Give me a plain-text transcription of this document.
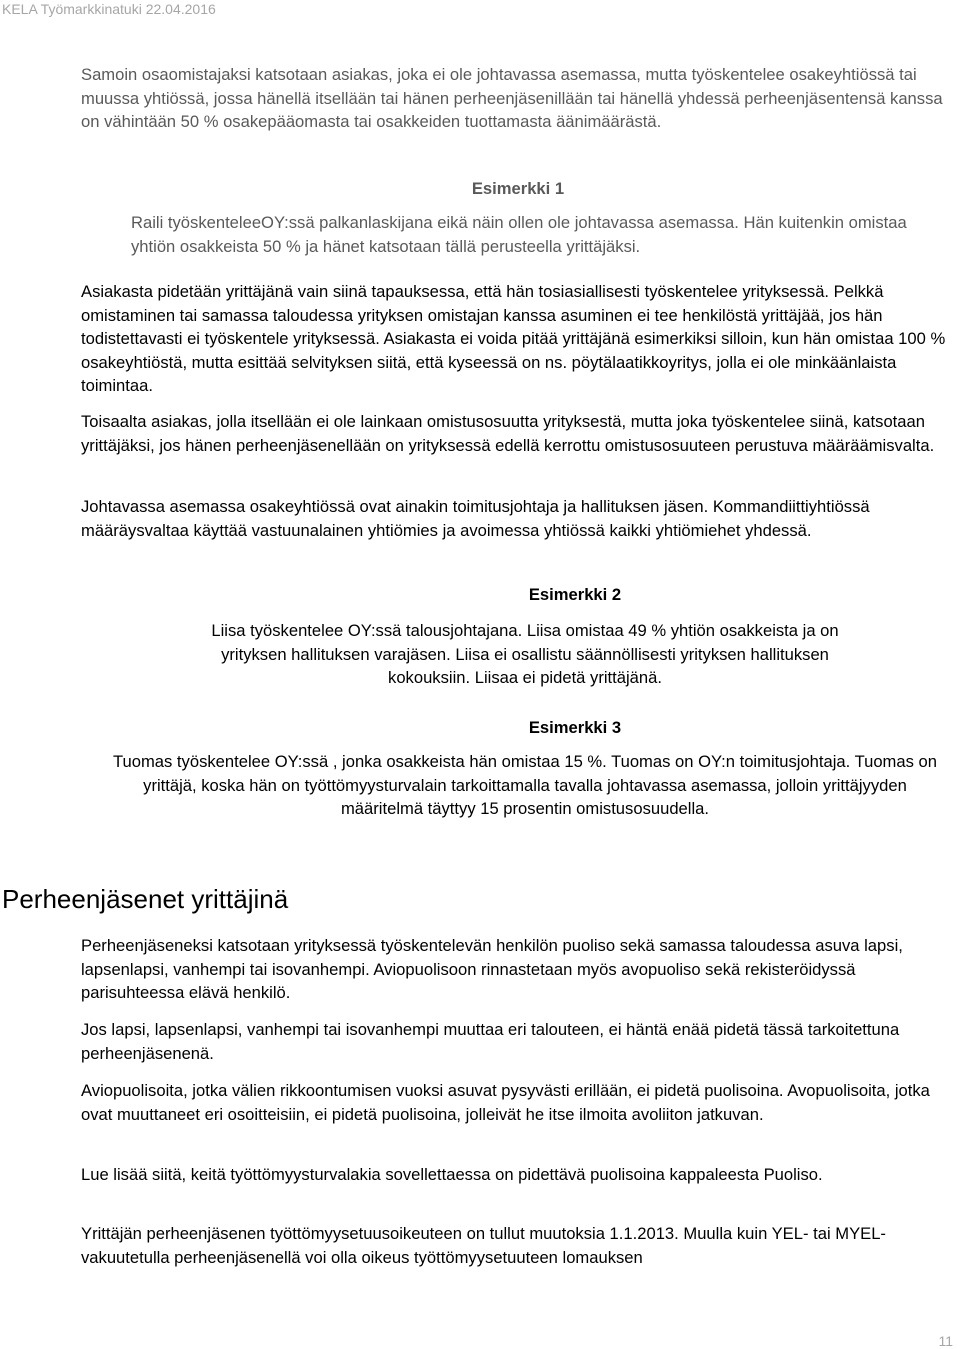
KELA Työmarkkinatuki 22.04.2016

Samoin osaomistajaksi katsotaan asiakas, joka ei ole johtavassa asemassa, mutta työskentelee osakeyhtiössä tai muussa yhtiössä, jossa hänellä itsellään tai hänen perheenjäsenillään tai hänellä yhdessä perheenjäsentensä kanssa on vähintään 50 % osakepääomasta tai osakkeiden tuottamasta äänimäärästä.

Esimerkki 1

Raili työskenteleeOY:ssä palkanlaskijana eikä näin ollen ole johtavassa asemassa. Hän kuitenkin omistaa yhtiön osakkeista 50 % ja hänet katsotaan tällä perusteella yrittäjäksi.

Asiakasta pidetään yrittäjänä vain siinä tapauksessa, että hän tosiasiallisesti työskentelee yrityksessä. Pelkkä omistaminen tai samassa taloudessa yrityksen omistajan kanssa asuminen ei tee henkilöstä yrittäjää, jos hän todistettavasti ei työskentele yrityksessä. Asiakasta ei voida pitää yrittäjänä esimerkiksi silloin, kun hän omistaa 100 % osakeyhtiöstä, mutta esittää selvityksen siitä, että kyseessä on ns. pöytälaatikkoyritys, jolla ei ole minkäänlaista toimintaa.

Toisaalta asiakas, jolla itsellään ei ole lainkaan omistusosuutta yrityksestä, mutta joka työskentelee siinä, katsotaan yrittäjäksi, jos hänen perheenjäsenellään on yrityksessä edellä kerrottu omistusosuuteen perustuva määräämisvalta.

Johtavassa asemassa osakeyhtiössä ovat ainakin toimitusjohtaja ja hallituksen jäsen. Kommandiittiyhtiössä määräysvaltaa käyttää vastuunalainen yhtiömies ja avoimessa yhtiössä kaikki yhtiömiehet yhdessä.

Esimerkki 2

Liisa työskentelee OY:ssä talousjohtajana. Liisa omistaa 49 % yhtiön osakkeista ja on yrityksen hallituksen varajäsen. Liisa ei osallistu säännöllisesti yrityksen hallituksen kokouksiin. Liisaa ei pidetä yrittäjänä.

Esimerkki 3

Tuomas työskentelee OY:ssä , jonka osakkeista hän omistaa 15 %. Tuomas on OY:n toimitusjohtaja. Tuomas on yrittäjä, koska hän on työttömyysturvalain tarkoittamalla tavalla johtavassa asemassa, jolloin yrittäjyyden määritelmä täyttyy 15 prosentin omistusosuudella.

Perheenjäsenet yrittäjinä

Perheenjäseneksi katsotaan yrityksessä työskentelevän henkilön puoliso sekä samassa taloudessa asuva lapsi, lapsenlapsi, vanhempi tai isovanhempi. Aviopuolisoon rinnastetaan myös avopuoliso sekä rekisteröidyssä parisuhteessa elävä henkilö.

Jos lapsi, lapsenlapsi, vanhempi tai isovanhempi muuttaa eri talouteen, ei häntä enää pidetä tässä tarkoitettuna perheenjäsenenä.

Aviopuolisoita, jotka välien rikkoontumisen vuoksi asuvat pysyvästi erillään, ei pidetä puolisoina. Avopuolisoita, jotka ovat muuttaneet eri osoitteisiin, ei pidetä puolisoina, jolleivät he itse ilmoita avoliiton jatkuvan.

Lue lisää siitä, keitä työttömyysturvalakia sovellettaessa on pidettävä puolisoina kappaleesta Puoliso.

Yrittäjän perheenjäsenen työttömyysetuusoikeuteen on tullut muutoksia 1.1.2013. Muulla kuin YEL- tai MYEL-vakuutetulla perheenjäsenellä voi olla oikeus työttömyysetuuteen lomauksen

11
